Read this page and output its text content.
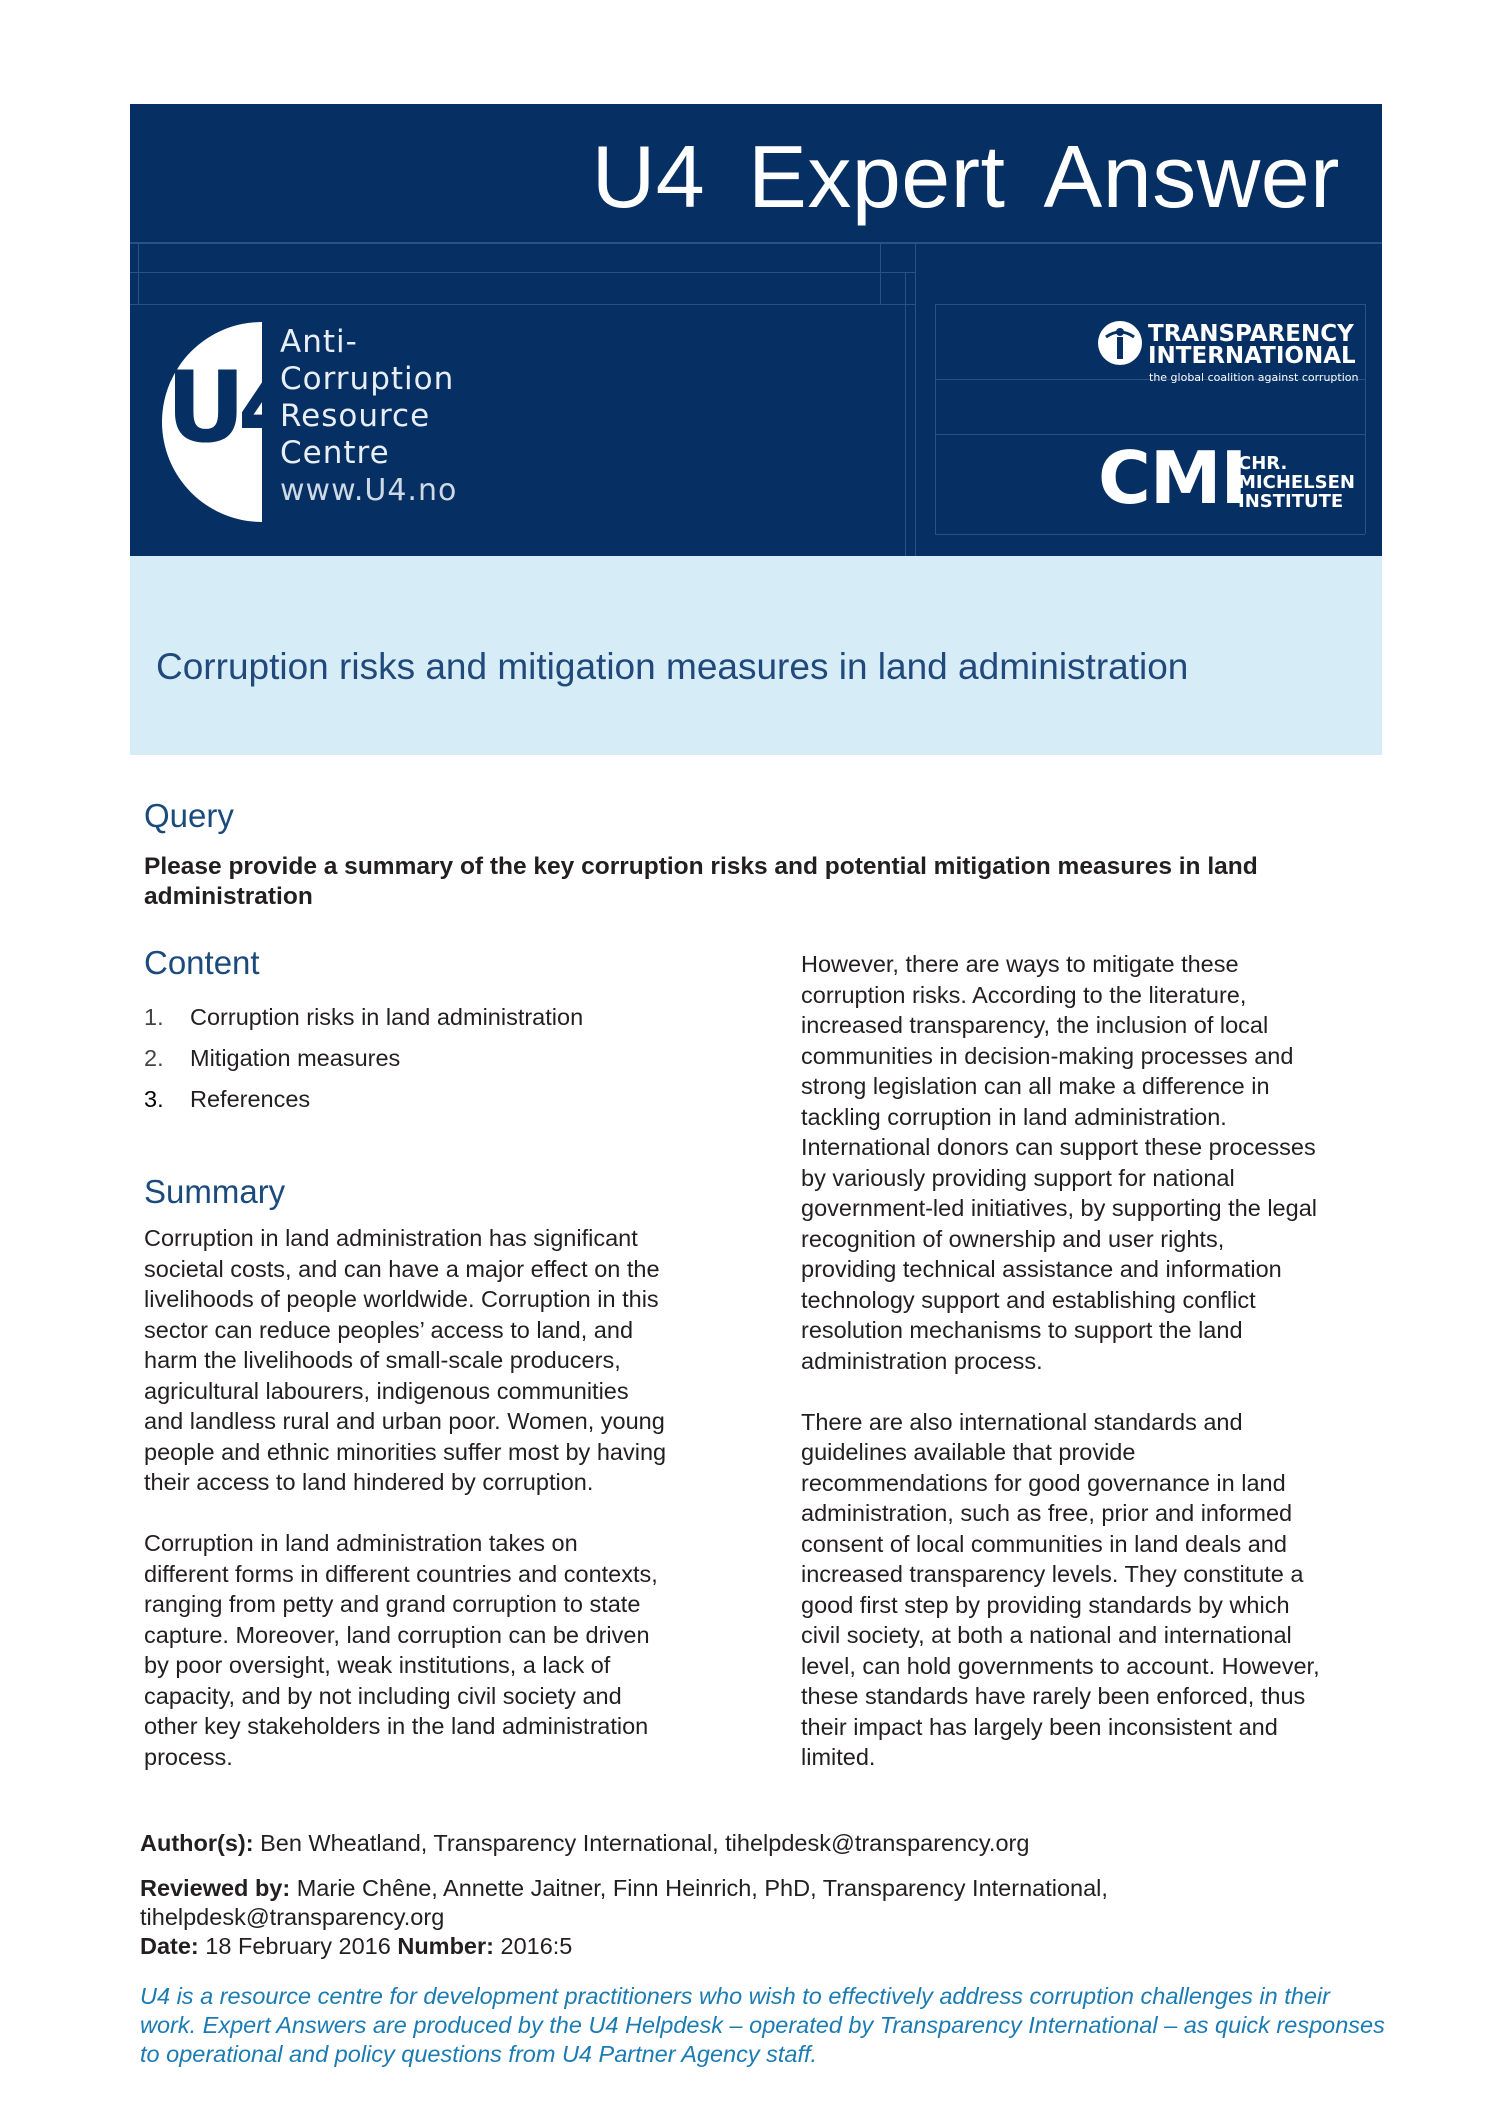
U4 Expert Answer
U4
Anti-
Corruption
Resource
Centre
www.U4.no
TRANSPARENCY
INTERNATIONAL
the global coalition against corruption
CMI
CHR.
MICHELSEN
INSTITUTE
Corruption risks and mitigation measures in land administration
Query
Please provide a summary of the key corruption risks and potential mitigation measures in land administration
Content
1. Corruption risks in land administration
2. Mitigation measures
3. References
Summary

Corruption in land administration has significant
societal costs, and can have a major effect on the
livelihoods of people worldwide. Corruption in this
sector can reduce peoples’ access to land, and
harm the livelihoods of small-scale producers,
agricultural labourers, indigenous communities
and landless rural and urban poor. Women, young
people and ethnic minorities suffer most by having
their access to land hindered by corruption.

Corruption in land administration takes on
different forms in different countries and contexts,
ranging from petty and grand corruption to state
capture. Moreover, land corruption can be driven
by poor oversight, weak institutions, a lack of
capacity, and by not including civil society and
other key stakeholders in the land administration
process.

However, there are ways to mitigate these
corruption risks. According to the literature,
increased transparency, the inclusion of local
communities in decision-making processes and
strong legislation can all make a difference in
tackling corruption in land administration.
International donors can support these processes
by variously providing support for national
government-led initiatives, by supporting the legal
recognition of ownership and user rights,
providing technical assistance and information
technology support and establishing conflict
resolution mechanisms to support the land
administration process.

There are also international standards and
guidelines available that provide
recommendations for good governance in land
administration, such as free, prior and informed
consent of local communities in land deals and
increased transparency levels. They constitute a
good first step by providing standards by which
civil society, at both a national and international
level, can hold governments to account. However,
these standards have rarely been enforced, thus
their impact has largely been inconsistent and
limited.

Author(s): Ben Wheatland, Transparency International, tihelpdesk@transparency.org
Reviewed by: Marie Chêne, Annette Jaitner, Finn Heinrich, PhD, Transparency International,
tihelpdesk@transparency.org
Date: 18 February 2016 Number: 2016:5
U4 is a resource centre for development practitioners who wish to effectively address corruption challenges in their work. Expert Answers are produced by the U4 Helpdesk – operated by Transparency International – as quick responses to operational and policy questions from U4 Partner Agency staff.
